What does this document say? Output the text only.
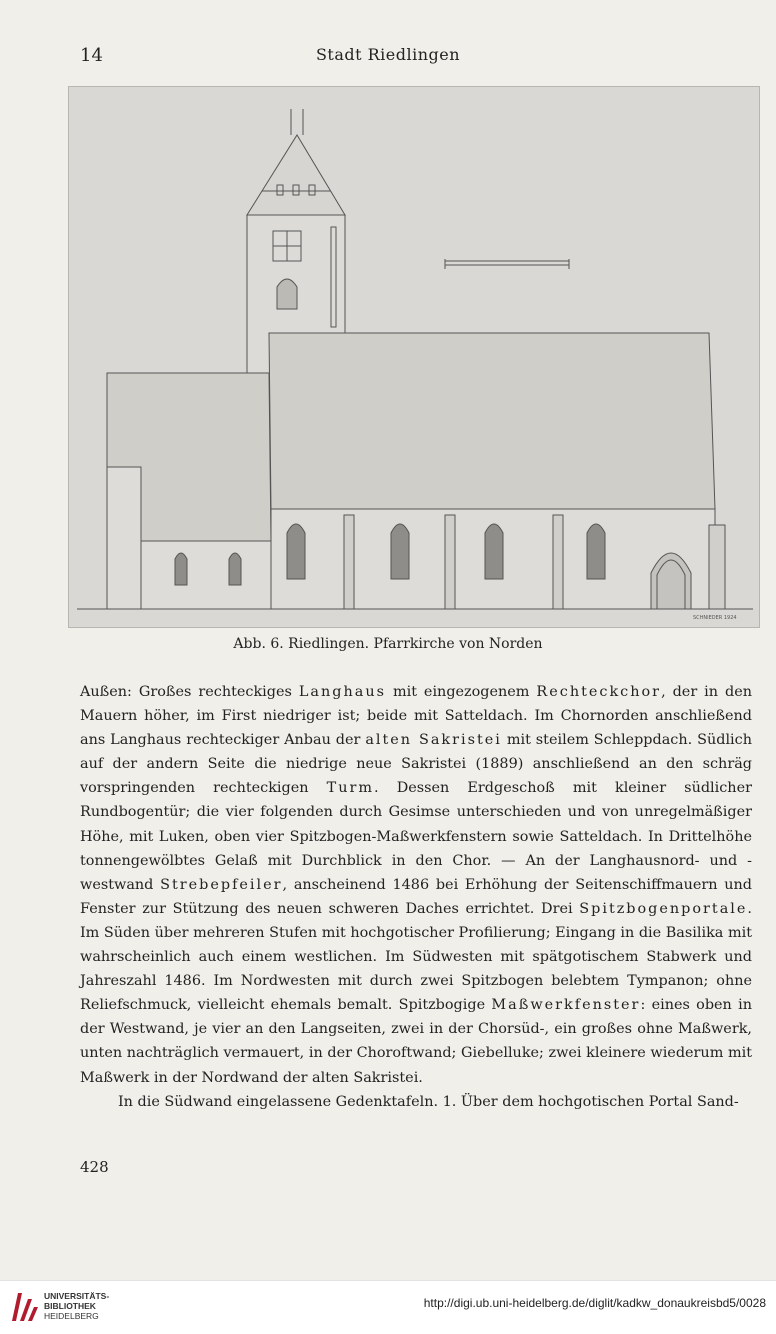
14	Stadt Riedlingen
SCHNIEDER 1924
Abb. 6. Riedlingen. Pfarrkirche von Norden

Außen: Großes rechteckiges Langhaus mit eingezogenem Rechteckchor, der in den Mauern höher, im First niedriger ist; beide mit Satteldach. Im Chornorden anschließend ans Langhaus rechteckiger Anbau der alten Sakristei mit steilem Schleppdach. Südlich auf der andern Seite die niedrige neue Sakristei (1889) anschließend an den schräg vorspringenden rechteckigen Turm. Dessen Erdgeschoß mit kleiner südlicher Rundbogentür; die vier folgenden durch Gesimse unterschieden und von unregelmäßiger Höhe, mit Luken, oben vier Spitzbogen-Maßwerkfenstern sowie Satteldach. In Drittelhöhe tonnengewölbtes Gelaß mit Durchblick in den Chor. — An der Langhausnord- und -westwand Strebepfeiler, anscheinend 1486 bei Erhöhung der Seitenschiffmauern und Fenster zur Stützung des neuen schweren Daches errichtet. Drei Spitzbogenportale. Im Süden über mehreren Stufen mit hochgotischer Profilierung; Eingang in die Basilika mit wahrscheinlich auch einem westlichen. Im Südwesten mit spätgotischem Stabwerk und Jahreszahl 1486. Im Nordwesten mit durch zwei Spitzbogen belebtem Tympanon; ohne Reliefschmuck, vielleicht ehemals bemalt. Spitzbogige Maßwerkfenster: eines oben in der Westwand, je vier an den Langseiten, zwei in der Chorsüd-, ein großes ohne Maßwerk, unten nachträglich vermauert, in der Choroftwand; Giebelluke; zwei kleinere wiederum mit Maßwerk in der Nordwand der alten Sakristei.

In die Südwand eingelassene Gedenktafeln. 1. Über dem hochgotischen Portal Sand-

428
UNIVERSITÄTS-
BIBLIOTHEK
HEIDELBERG
http://digi.ub.uni-heidelberg.de/diglit/kadkw_donaukreisbd5/0028
